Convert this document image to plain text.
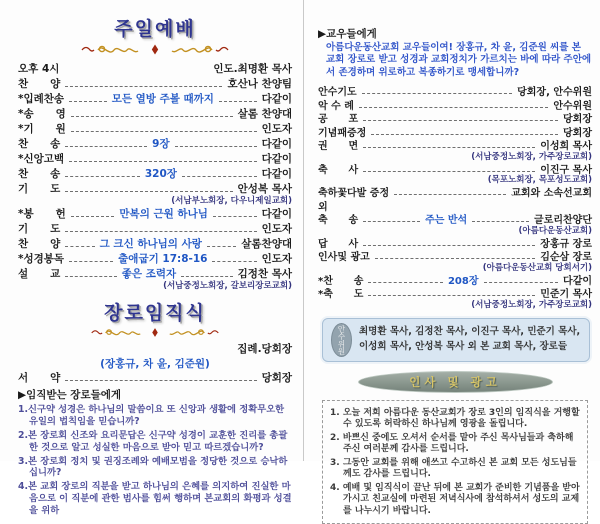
주일예배
오후 4시	인도.최명환 목사
찬      양	호산나 찬양팀
*입례찬송	모든 열방 주볼 때까지	다같이
*송      영	살롬 찬양대
*기      원	인도자
찬      송	9장	다같이
*신앙고백	다같이
찬      송	320장	다같이
기      도	안성복 목사
(서남부노회장, 다우니제일교회)
*봉      헌	만복의 근원 하나님	다같이
기      도	인도자
찬      양	그 크신 하나님의 사랑	살롬찬양대
*성경봉독	출애굽기 17:8-16	인도자
설      교	좋은 조력자	김정찬 목사
(서남중정노회장, 갈보리장로교회)
장로임직식
집례.당회장
(장홍규, 차 윤, 김준원)
서      약	당회장
▶임직받는 장로들에게
1.신구약 성경은 하나님의 말씀이요 또 신앙과 생활에 정확무오한 유일의 법칙임을 믿습니까?
2.본 장로회 신조와 요리문답은 신구약 성경이 교훈한 진리를 총괄한 것으로 알고 성실한 마음으로 받아 믿고 따르겠습니까?
3.본 장로회 정치 및 권징조례와 예배모범을 정당한 것으로 승낙하십니까?
4.본 교회 장로의 직분을 받고 하나님의 은혜를 의지하여 진실한 마음으로 이 직분에 관한 범사를 힘써 행하며 본교회의 화평과 성결을 위하
▶교우들에게
아름다운동산교회 교우들이여! 장홍규, 차 윤, 김준원 씨를 본 교회 장로로 받고 성경과 교회정치가 가르치는 바에 따라 주안에서 존경하며 위로하고 복종하기로 맹세합니까?
안수기도	당회장, 안수위원
악 수 례	안수위원
공      포	당회장
기념패증정	당회장
권      면	이성희 목사
(서남중정노회장, 가주장로교회)
축      사	이진구 목사
(목포노회장, 목포성도교회)
축하꽃다발 증정	교회와 소속선교회
외
축      송	주는 반석	글로리찬양단
(아름다운동산교회)
답      사	장홍규 장로
인사및 광고	김순삼 장로
(아름다운동산교회 당회서기)
*찬      송	208장	다같이
*축      도	민준기 목사
(서남중정노회장, 가주장로교회)
안수위원	최명환 목사, 김정찬 목사, 이진구 목사, 민준기 목사, 이성희 목사, 안성복 목사 외 본 교회 목사, 장로들
인사 및 광고
1. 오늘 저희 아름다운 동산교회가 장로 3인의 임직식을 거행할 수 있도록 허락하신 하나님께 영광을 돌립니다.
2. 바쁘신 중에도 오셔서 순서를 맡아 주신 목사님들과 축하해주신 여러분께 감사를 드립니다.
3. 그동안 교회를 위해 애쓰고 수고하신 본 교회 모든 성도님들께도 감사를 드립니다.
4. 예배 및 임직식이 끝난 뒤에 본 교회가 준비한 기념품을 받아가시고 친교실에 마련된 저녁식사에 참석하셔서 성도의 교제를 나누시기 바랍니다.
